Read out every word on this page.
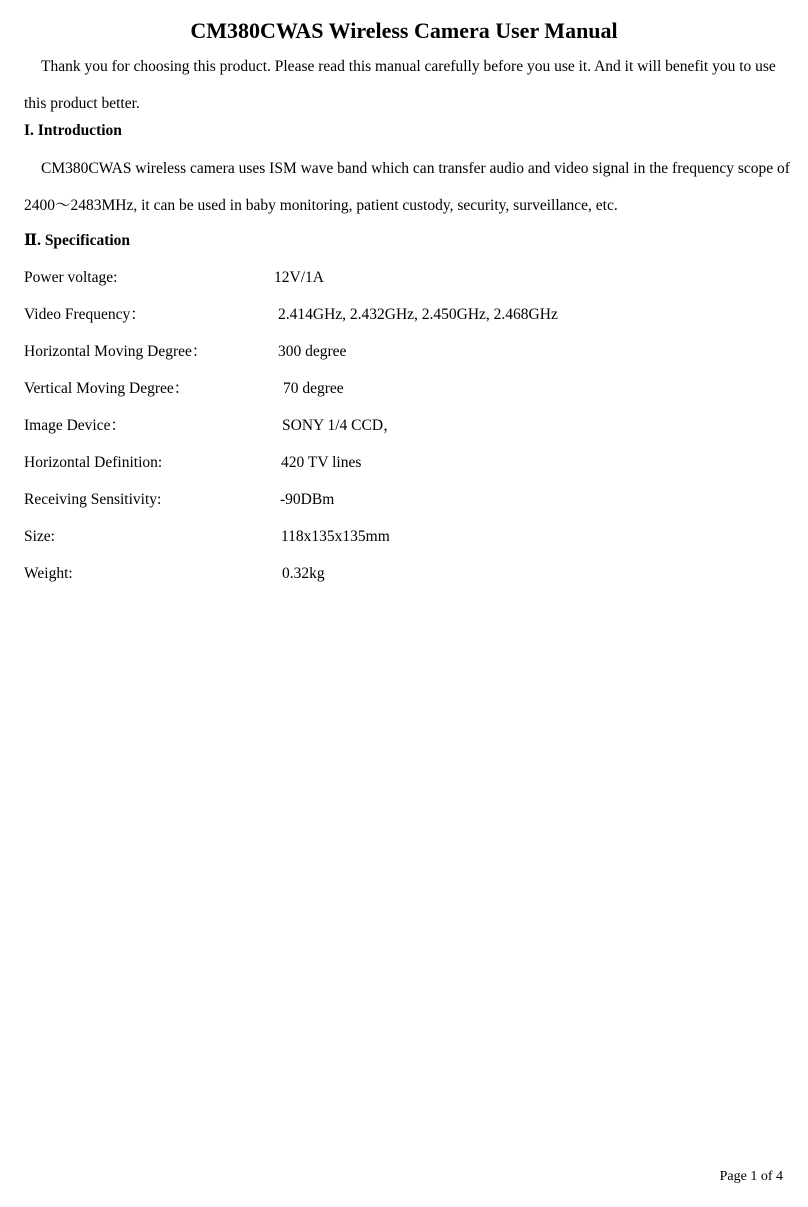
CM380CWAS Wireless Camera User Manual

Thank you for choosing this product. Please read this manual carefully before you use it. And it will benefit you to use this product better.

I. Introduction

CM380CWAS wireless camera uses ISM wave band which can transfer audio and video signal in the frequency scope of 2400～2483MHz, it can be used in baby monitoring, patient custody, security, surveillance, etc.

Ⅱ. Specification
Power voltage:	12V/1A
Video Frequency：	2.414GHz, 2.432GHz, 2.450GHz, 2.468GHz
Horizontal Moving Degree：	300 degree
Vertical Moving Degree：	70 degree
Image Device：	SONY 1/4 CCD，
Horizontal Definition:	420 TV lines
Receiving Sensitivity:	-90DBm
Size:	118x135x135mm
Weight:	0.32kg
Page 1 of 4
